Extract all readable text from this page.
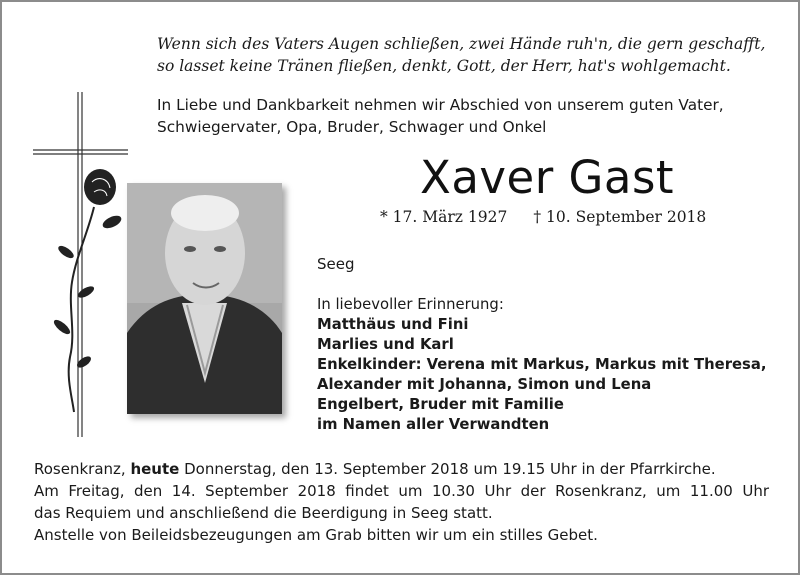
Wenn sich des Vaters Augen schließen, zwei Hände ruh'n, die gern geschafft,
so lasset keine Tränen fließen, denkt, Gott, der Herr, hat's wohlgemacht.

In Liebe und Dankbarkeit nehmen wir Abschied von unserem guten Vater,
Schwiegervater, Opa, Bruder, Schwager und Onkel

Xaver Gast
* 17. März 1927 † 10. September 2018
Seeg
In liebevoller Erinnerung:
Matthäus und Fini
Marlies und Karl
Enkelkinder: Verena mit Markus, Markus mit Theresa,
Alexander mit Johanna, Simon und Lena
Engelbert, Bruder mit Familie
im Namen aller Verwandten

Rosenkranz, heute Donnerstag, den 13. September 2018 um 19.15 Uhr in der Pfarrkirche.

Am Freitag, den 14. September 2018 findet um 10.30 Uhr der Rosenkranz, um 11.00 Uhr

das Requiem und anschließend die Beerdigung in Seeg statt.

Anstelle von Beileidsbezeugungen am Grab bitten wir um ein stilles Gebet.
